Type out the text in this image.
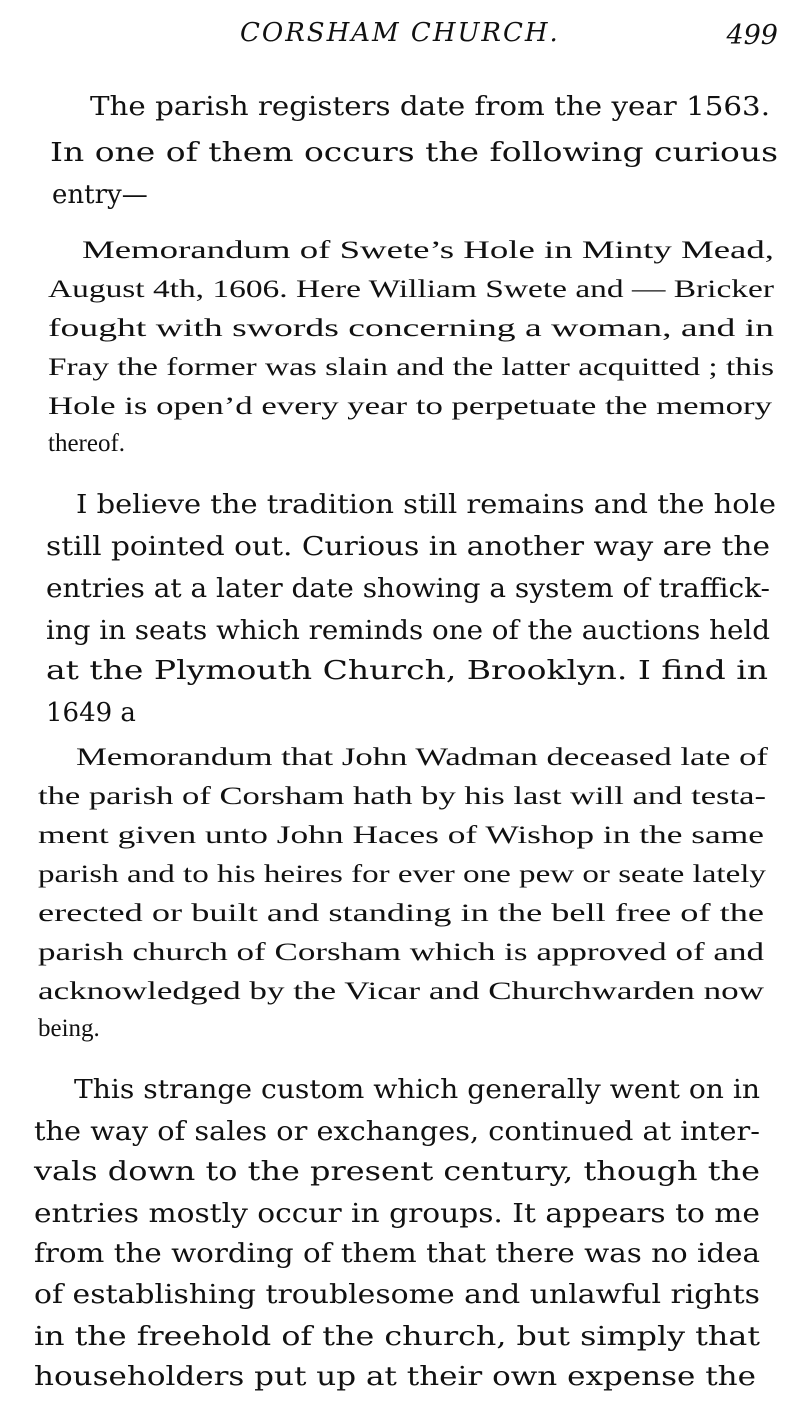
CORSHAM CHURCH.	499
The parish registers date from the year 1563.
In one of them occurs the following curious
entry—
Memorandum of Swete’s Hole in Minty Mead,
August 4th, 1606. Here William Swete and — Bricker
fought with swords concerning a woman, and in
Fray the former was slain and the latter acquitted ; this
Hole is open’d every year to perpetuate the memory
thereof.
I believe the tradition still remains and the hole
still pointed out. Curious in another way are the
entries at a later date showing a system of traffick-
ing in seats which reminds one of the auctions held
at the Plymouth Church, Brooklyn. I find in
1649 a
Memorandum that John Wadman deceased late of
the parish of Corsham hath by his last will and testa-
ment given unto John Haces of Wishop in the same
parish and to his heires for ever one pew or seate lately
erected or built and standing in the bell free of the
parish church of Corsham which is approved of and
acknowledged by the Vicar and Churchwarden now
being.
This strange custom which generally went on in
the way of sales or exchanges, continued at inter-
vals down to the present century, though the
entries mostly occur in groups. It appears to me
from the wording of them that there was no idea
of establishing troublesome and unlawful rights
in the freehold of the church, but simply that
householders put up at their own expense the
